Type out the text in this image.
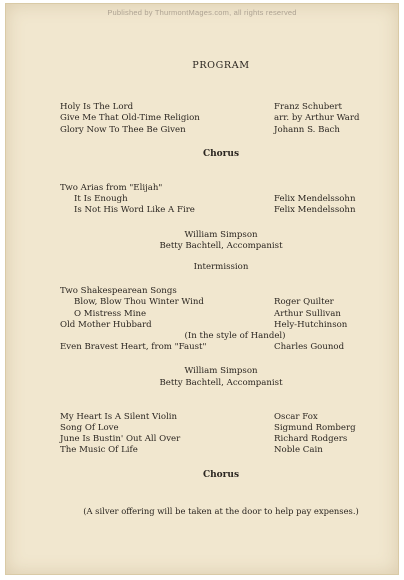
Published by ThurmontMages.com, all rights reserved
PROGRAM
Holy Is The Lord	Franz Schubert
Give Me That Old-Time Religion	arr. by Arthur Ward
Glory Now To Thee Be Given	Johann S. Bach
Chorus
Two Arias from "Elijah"
It Is Enough	Felix Mendelssohn
Is Not His Word Like A Fire	Felix Mendelssohn
William Simpson
Betty Bachtell, Accompanist
Intermission
Two Shakespearean Songs
Blow, Blow Thou Winter Wind	Roger Quilter
O Mistress Mine	Arthur Sullivan
Old Mother Hubbard	Hely-Hutchinson
(In the style of Handel)
Even Bravest Heart, from "Faust"	Charles Gounod
William Simpson
Betty Bachtell, Accompanist
My Heart Is A Silent Violin	Oscar Fox
Song Of Love	Sigmund Romberg
June Is Bustin' Out All Over	Richard Rodgers
The Music Of Life	Noble Cain
Chorus
(A silver offering will be taken at the door to help pay expenses.)
